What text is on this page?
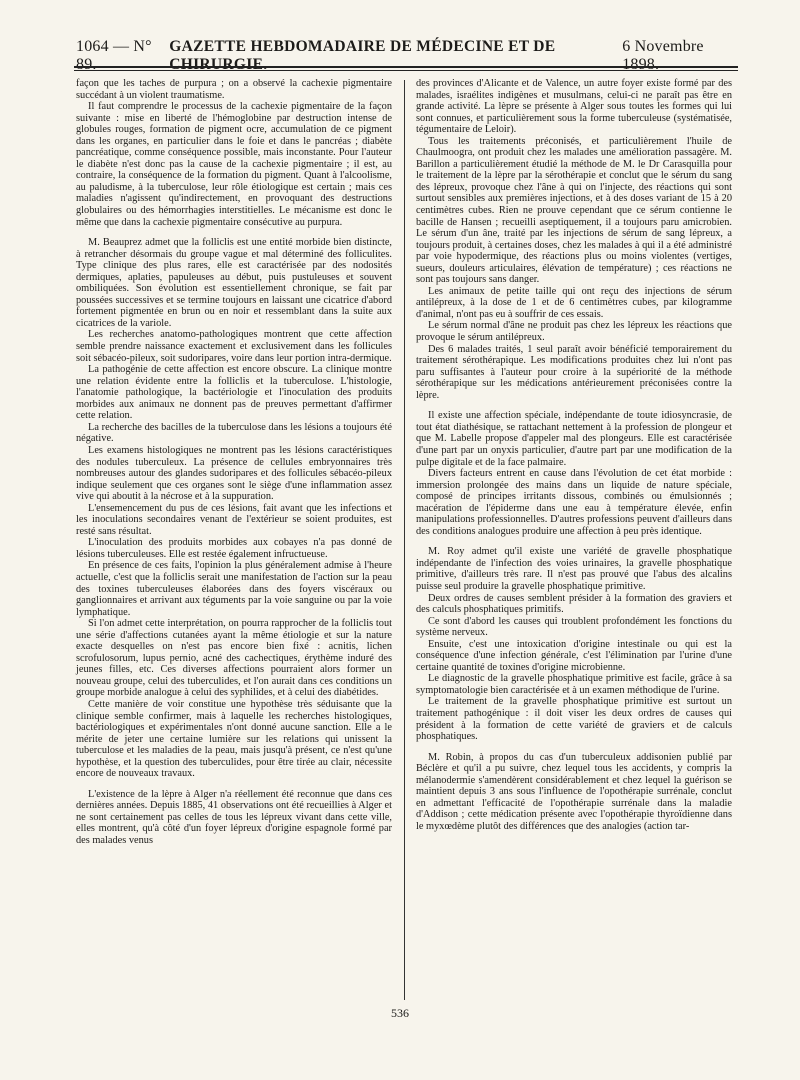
1064 — N° 89.
GAZETTE HEBDOMADAIRE DE MÉDECINE ET DE CHIRURGIE.
6 Novembre 1898.

façon que les taches de purpura ; on a observé la cachexie pigmentaire succédant à un violent traumatisme.

Il faut comprendre le processus de la cachexie pigmentaire de la façon suivante : mise en liberté de l'hémoglobine par destruction intense de globules rouges, formation de pigment ocre, accumulation de ce pigment dans les organes, en particulier dans le foie et dans le pancréas ; diabète pancréatique, comme conséquence possible, mais inconstante. Pour l'auteur le diabète n'est donc pas la cause de la cachexie pigmentaire ; il est, au contraire, la conséquence de la formation du pigment. Quant à l'alcoolisme, au paludisme, à la tuberculose, leur rôle étiologique est certain ; mais ces maladies n'agissent qu'indirectement, en provoquant des destructions globulaires ou des hémorrhagies interstitielles. Le mécanisme est donc le même que dans la cachexie pigmentaire consécutive au purpura.

M. Beauprez admet que la folliclis est une entité morbide bien distincte, à retrancher désormais du groupe vague et mal déterminé des folliculites. Type clinique des plus rares, elle est caractérisée par des nodosités dermiques, aplaties, papuleuses au début, puis pustuleuses et souvent ombiliquées. Son évolution est essentiellement chronique, se fait par poussées successives et se termine toujours en laissant une cicatrice d'abord fortement pigmentée en brun ou en noir et ressemblant dans la suite aux cicatrices de la variole.

Les recherches anatomo-pathologiques montrent que cette affection semble prendre naissance exactement et exclusivement dans les follicules soit sébacéo-pileux, soit sudoripares, voire dans leur portion intra-dermique.

La pathogénie de cette affection est encore obscure. La clinique montre une relation évidente entre la folliclis et la tuberculose. L'histologie, l'anatomie pathologique, la bactériologie et l'inoculation des produits morbides aux animaux ne donnent pas de preuves permettant d'affirmer cette relation.

La recherche des bacilles de la tuberculose dans les lésions a toujours été négative.

Les examens histologiques ne montrent pas les lésions caractéristiques des nodules tuberculeux. La présence de cellules embryonnaires très nombreuses autour des glandes sudoripares et des follicules sébacéo-pileux indique seulement que ces organes sont le siège d'une inflammation assez vive qui aboutit à la nécrose et à la suppuration.

L'ensemencement du pus de ces lésions, fait avant que les infections et les inoculations secondaires venant de l'extérieur se soient produites, est resté sans résultat.

L'inoculation des produits morbides aux cobayes n'a pas donné de lésions tuberculeuses. Elle est restée également infructueuse.

En présence de ces faits, l'opinion la plus généralement admise à l'heure actuelle, c'est que la folliclis serait une manifestation de l'action sur la peau des toxines tuberculeuses élaborées dans des foyers viscéraux ou ganglionnaires et arrivant aux téguments par la voie sanguine ou par la voie lymphatique.

Si l'on admet cette interprétation, on pourra rapprocher de la folliclis tout une série d'affections cutanées ayant la même étiologie et sur la nature exacte desquelles on n'est pas encore bien fixé : acnitis, lichen scrofulosorum, lupus pernio, acné des cachectiques, érythème induré des jeunes filles, etc. Ces diverses affections pourraient alors former un nouveau groupe, celui des tuberculides, et l'on aurait dans ces conditions un groupe morbide analogue à celui des syphilides, et à celui des diabétides.

Cette manière de voir constitue une hypothèse très séduisante que la clinique semble confirmer, mais à laquelle les recherches histologiques, bactériologiques et expérimentales n'ont donné aucune sanction. Elle a le mérite de jeter une certaine lumière sur les relations qui unissent la tuberculose et les maladies de la peau, mais jusqu'à présent, ce n'est qu'une hypothèse, et la question des tuberculides, pour être tirée au clair, nécessite encore de nouveaux travaux.

L'existence de la lèpre à Alger n'a réellement été reconnue que dans ces dernières années. Depuis 1885, 41 observations ont été recueillies à Alger et ne sont certainement pas celles de tous les lépreux vivant dans cette ville, elles montrent, qu'à côté d'un foyer lépreux d'origine espagnole formé par des malades venus

des provinces d'Alicante et de Valence, un autre foyer existe formé par des malades, israélites indigènes et musulmans, celui-ci ne paraît pas être en grande activité. La lèpre se présente à Alger sous toutes les formes qui lui sont connues, et particulièrement sous la forme tuberculeuse (systématisée, tégumentaire de Leloir).

Tous les traitements préconisés, et particulièrement l'huile de Chaulmoogra, ont produit chez les malades une amélioration passagère. M. Barillon a particulièrement étudié la méthode de M. le Dr Carasquilla pour le traitement de la lèpre par la sérothérapie et conclut que le sérum du sang des lépreux, provoque chez l'âne à qui on l'injecte, des réactions qui sont surtout sensibles aux premières injections, et à des doses variant de 15 à 20 centimètres cubes. Rien ne prouve cependant que ce sérum contienne le bacille de Hansen ; recueilli aseptiquement, il a toujours paru amicrobien. Le sérum d'un âne, traité par les injections de sérum de sang lépreux, a toujours produit, à certaines doses, chez les malades à qui il a été administré par voie hypodermique, des réactions plus ou moins violentes (vertiges, sueurs, douleurs articulaires, élévation de température) ; ces réactions ne sont pas toujours sans danger.

Les animaux de petite taille qui ont reçu des injections de sérum antilépreux, à la dose de 1 et de 6 centimètres cubes, par kilogramme d'animal, n'ont pas eu à souffrir de ces essais.

Le sérum normal d'âne ne produit pas chez les lépreux les réactions que provoque le sérum antilépreux.

Des 6 malades traités, 1 seul paraît avoir bénéficié temporairement du traitement sérothérapique. Les modifications produites chez lui n'ont pas paru suffisantes à l'auteur pour croire à la supériorité de la méthode sérothérapique sur les médications antérieurement préconisées contre la lèpre.

Il existe une affection spéciale, indépendante de toute idiosyncrasie, de tout état diathésique, se rattachant nettement à la profession de plongeur et que M. Labelle propose d'appeler mal des plongeurs. Elle est caractérisée d'une part par un onyxis particulier, d'autre part par une modification de la pulpe digitale et de la face palmaire.

Divers facteurs entrent en cause dans l'évolution de cet état morbide : immersion prolongée des mains dans un liquide de nature spéciale, composé de principes irritants dissous, combinés ou émulsionnés ; macération de l'épiderme dans une eau à température élevée, enfin manipulations professionnelles. D'autres professions peuvent d'ailleurs dans des conditions analogues produire une affection à peu près identique.

M. Roy admet qu'il existe une variété de gravelle phosphatique indépendante de l'infection des voies urinaires, la gravelle phosphatique primitive, d'ailleurs très rare. Il n'est pas prouvé que l'abus des alcalins puisse seul produire la gravelle phosphatique primitive.

Deux ordres de causes semblent présider à la formation des graviers et des calculs phosphatiques primitifs.

Ce sont d'abord les causes qui troublent profondément les fonctions du système nerveux.

Ensuite, c'est une intoxication d'origine intestinale ou qui est la conséquence d'une infection générale, c'est l'élimination par l'urine d'une certaine quantité de toxines d'origine microbienne.

Le diagnostic de la gravelle phosphatique primitive est facile, grâce à sa symptomatologie bien caractérisée et à un examen méthodique de l'urine.

Le traitement de la gravelle phosphatique primitive est surtout un traitement pathogénique : il doit viser les deux ordres de causes qui président à la formation de cette variété de graviers et de calculs phosphatiques.

M. Robin, à propos du cas d'un tuberculeux addisonien publié par Béclère et qu'il a pu suivre, chez lequel tous les accidents, y compris la mélanodermie s'amendèrent considérablement et chez lequel la guérison se maintient depuis 3 ans sous l'influence de l'opothérapie surrénale, conclut en admettant l'efficacité de l'opothérapie surrénale dans la maladie d'Addison ; cette médication présente avec l'opothérapie thyroïdienne dans le myxœdème plutôt des différences que des analogies (action tar-

536
